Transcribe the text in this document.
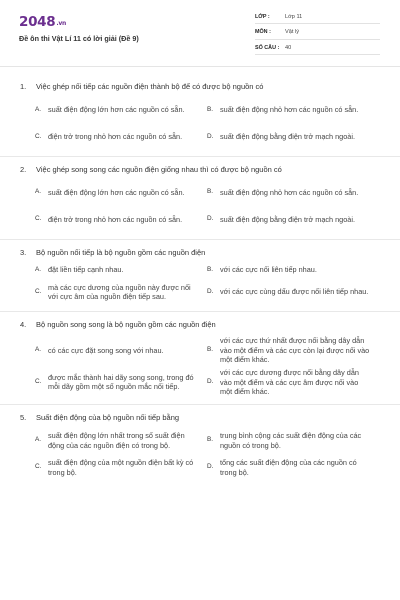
2048.vn
Đề ôn thi Vật Lí 11 có lời giải (Đề 9)
LỚP :	Lớp 11
MÔN :	Vật lý
SỐ CÂU :	40
1.	Việc ghép nối tiếp các nguồn điện thành bộ để có được bộ nguồn có
A. suất điện động lớn hơn các nguồn có sẵn.	B. suất điện động nhỏ hơn các nguồn có sẵn.
C. điện trở trong nhỏ hơn các nguồn có sẵn.	D. suất điện động bằng điện trở mạch ngoài.
2.	Việc ghép song song các nguồn điện giống nhau thì có được bộ nguồn có
A. suất điện động lớn hơn các nguồn có sẵn.	B. suất điện động nhỏ hơn các nguồn có sẵn.
C. điện trở trong nhỏ hơn các nguồn có sẵn.	D. suất điện động bằng điện trở mạch ngoài.
3.	Bộ nguồn nối tiếp là bộ nguồn gồm các nguồn điện
A. đặt liền tiếp cạnh nhau.	B. với các cực nối liên tiếp nhau.
C. mà các cực dương của nguồn này được nối với cực âm của nguồn điện tiếp sau.
D. với các cực cùng dấu được nối liên tiếp nhau.
4.	Bộ nguồn song song là bộ nguồn gồm các nguồn điện
A. có các cực đặt song song với nhau.	B.
với các cực thứ nhất được nối bằng dây dẫn vào một điểm và các cực còn lại được nối vào một điểm khác.
C. được mắc thành hai dãy song song, trong đó mỗi dãy gồm một số nguồn mắc nối tiếp.
D.
với các cực dương được nối bằng dây dẫn vào một điểm và các cực âm được nối vào một điểm khác.
5.	Suất điện động của bộ nguồn nối tiếp bằng
A. suất điện động lớn nhất trong số suất điện động của các nguồn điện có trong bộ.
B. trung bình cộng các suất điện động của các nguồn có trong bộ.
C. suất điện động của một nguồn điện bất kỳ có trong bộ.
D. tổng các suất điện động của các nguồn có trong bộ.
